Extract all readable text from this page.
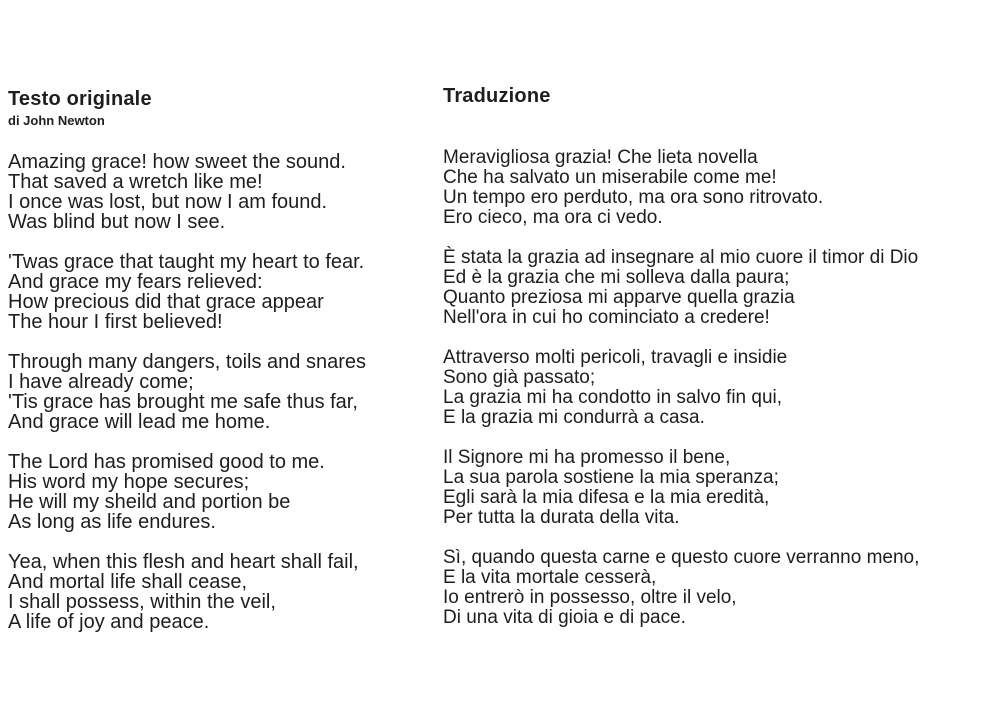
Testo originale
di John Newton
Amazing grace! how sweet the sound.
That saved a wretch like me!
I once was lost, but now I am found.
Was blind but now I see.
'Twas grace that taught my heart to fear.
And grace my fears relieved:
How precious did that grace appear
The hour I first believed!
Through many dangers, toils and snares
I have already come;
'Tis grace has brought me safe thus far,
And grace will lead me home.
The Lord has promised good to me.
His word my hope secures;
He will my sheild and portion be
As long as life endures.
Yea, when this flesh and heart shall fail,
And mortal life shall cease,
I shall possess, within the veil,
A life of joy and peace.
Traduzione
Meravigliosa grazia! Che lieta novella
Che ha salvato un miserabile come me!
Un tempo ero perduto, ma ora sono ritrovato.
Ero cieco, ma ora ci vedo.
È stata la grazia ad insegnare al mio cuore il timor di Dio
Ed è la grazia che mi solleva dalla paura;
Quanto preziosa mi apparve quella grazia
Nell'ora in cui ho cominciato a credere!
Attraverso molti pericoli, travagli e insidie
Sono già passato;
La grazia mi ha condotto in salvo fin qui,
E la grazia mi condurrà a casa.
Il Signore mi ha promesso il bene,
La sua parola sostiene la mia speranza;
Egli sarà la mia difesa e la mia eredità,
Per tutta la durata della vita.
Sì, quando questa carne e questo cuore verranno meno,
E la vita mortale cesserà,
Io entrerò in possesso, oltre il velo,
Di una vita di gioia e di pace.
